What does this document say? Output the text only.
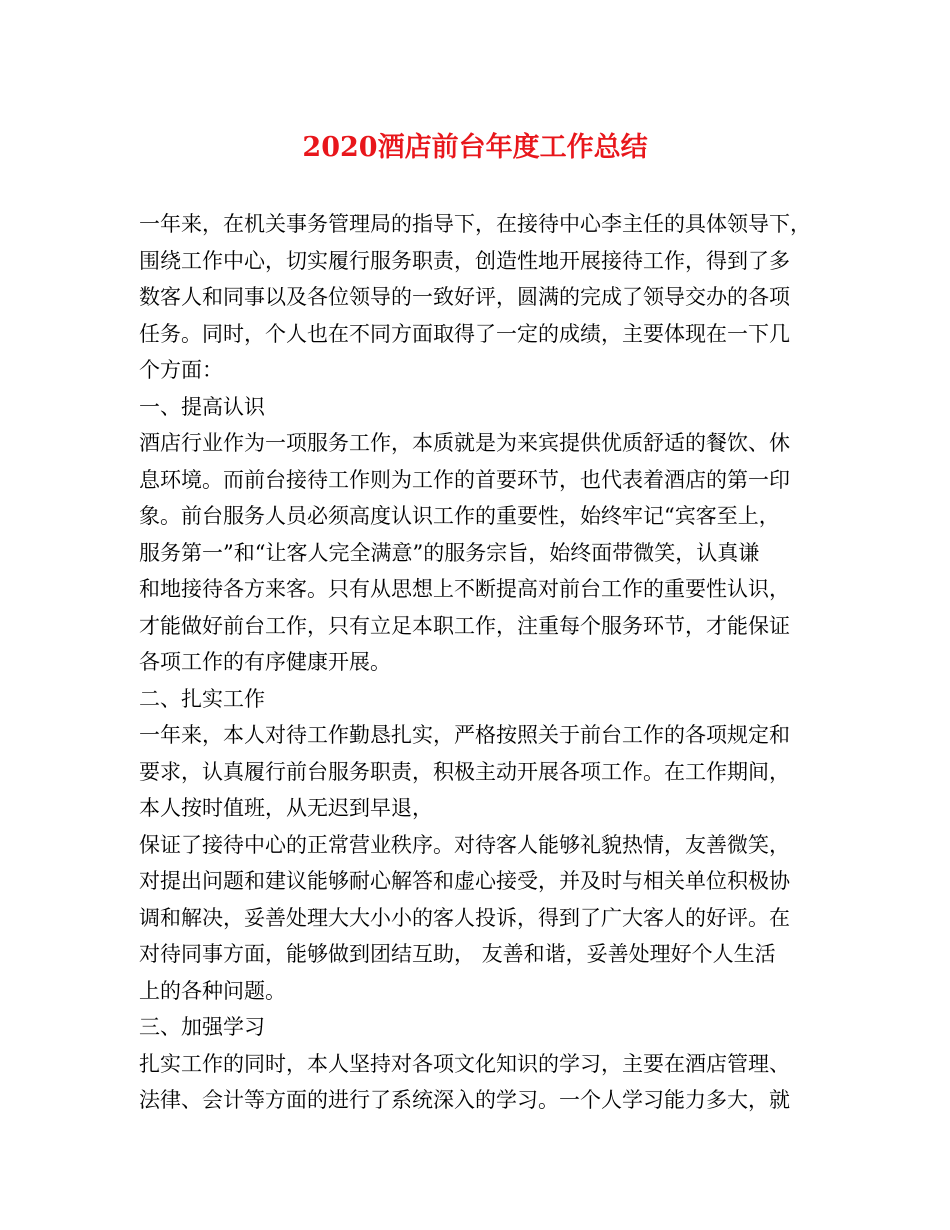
2020酒店前台年度工作总结
一年来，在机关事务管理局的指导下，在接待中心李主任的具体领导下，
围绕工作中心，切实履行服务职责，创造性地开展接待工作，得到了多
数客人和同事以及各位领导的一致好评，圆满的完成了领导交办的各项
任务。同时，个人也在不同方面取得了一定的成绩，主要体现在一下几
个方面：
一、提高认识
酒店行业作为一项服务工作，本质就是为来宾提供优质舒适的餐饮、休
息环境。而前台接待工作则为工作的首要环节，也代表着酒店的第一印
象。前台服务人员必须高度认识工作的重要性，始终牢记“宾客至上，
服务第一”和“让客人完全满意”的服务宗旨，始终面带微笑，认真谦
和地接待各方来客。只有从思想上不断提高对前台工作的重要性认识，
才能做好前台工作，只有立足本职工作，注重每个服务环节，才能保证
各项工作的有序健康开展。
二、扎实工作
一年来，本人对待工作勤恳扎实，严格按照关于前台工作的各项规定和
要求，认真履行前台服务职责，积极主动开展各项工作。在工作期间，
本人按时值班，从无迟到早退，
保证了接待中心的正常营业秩序。对待客人能够礼貌热情，友善微笑，
对提出问题和建议能够耐心解答和虚心接受，并及时与相关单位积极协
调和解决，妥善处理大大小小的客人投诉，得到了广大客人的好评。在
对待同事方面，能够做到团结互助， 友善和谐，妥善处理好个人生活
上的各种问题。
三、加强学习
扎实工作的同时，本人坚持对各项文化知识的学习，主要在酒店管理、
法律、会计等方面的进行了系统深入的学习。一个人学习能力多大，就
